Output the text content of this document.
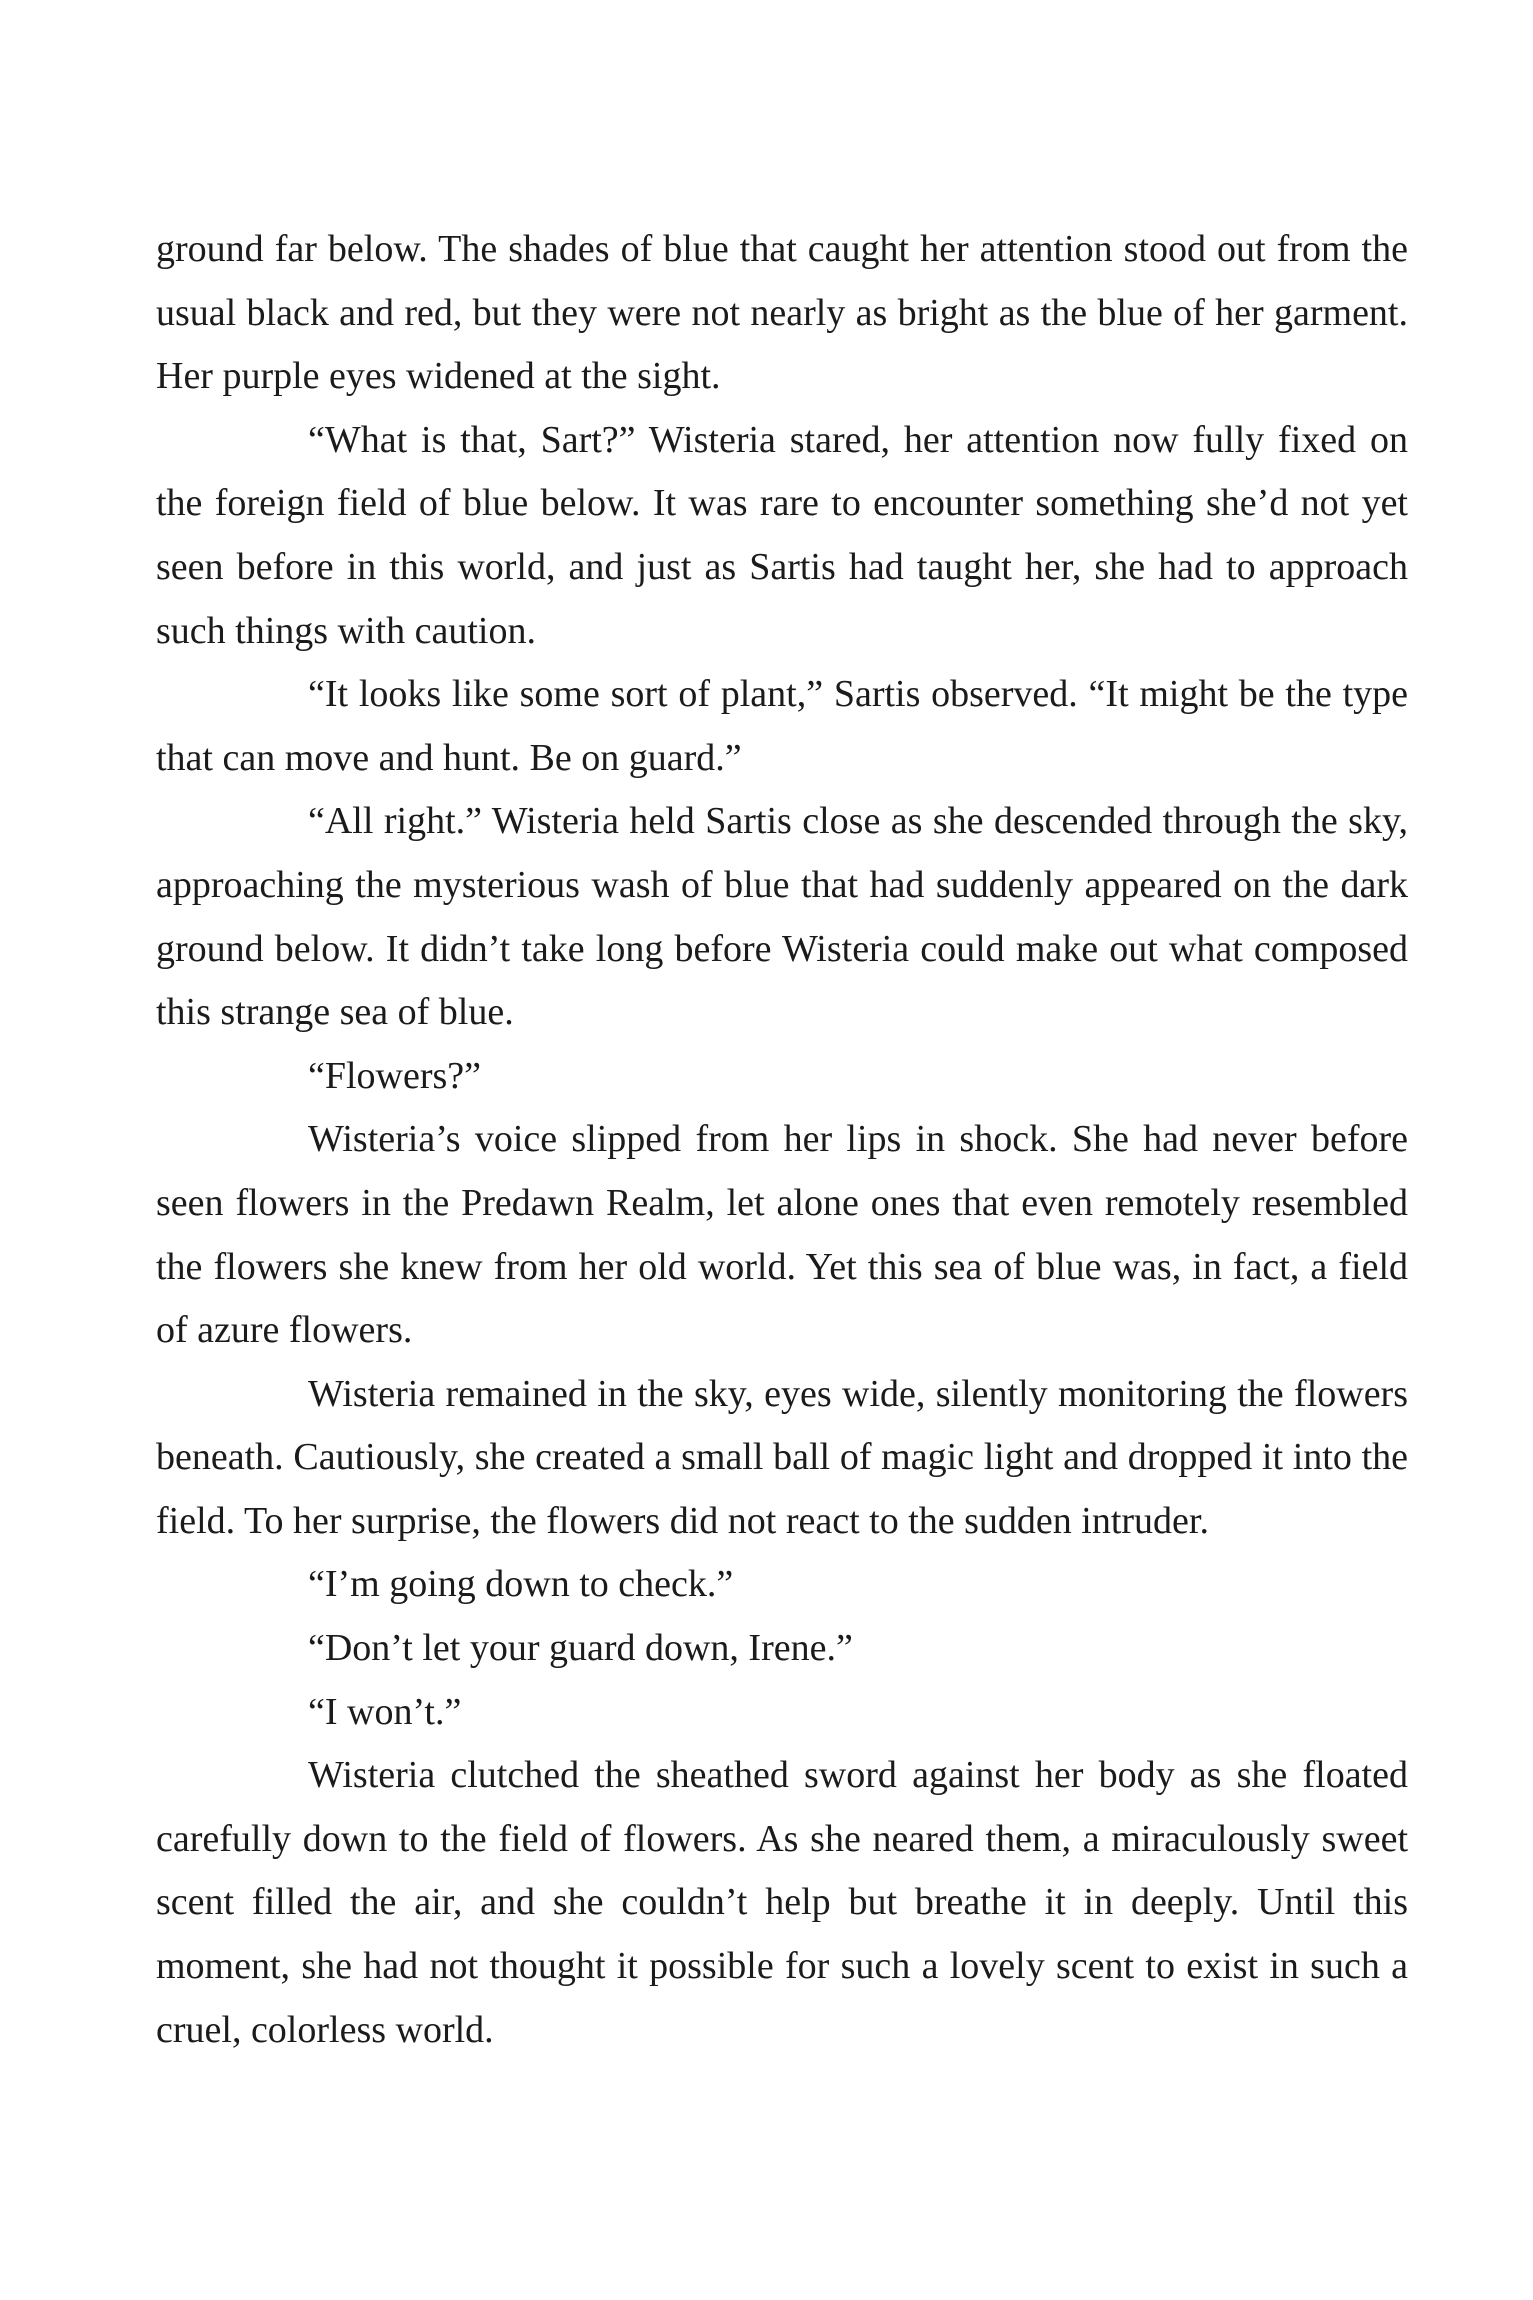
ground far below. The shades of blue that caught her attention stood out from the usual black and red, but they were not nearly as bright as the blue of her garment. Her purple eyes widened at the sight.

“What is that, Sart?” Wisteria stared, her attention now fully fixed on the foreign field of blue below. It was rare to encounter something she’d not yet seen before in this world, and just as Sartis had taught her, she had to approach such things with caution.

“It looks like some sort of plant,” Sartis observed. “It might be the type that can move and hunt. Be on guard.”

“All right.” Wisteria held Sartis close as she descended through the sky, approaching the mysterious wash of blue that had suddenly appeared on the dark ground below. It didn’t take long before Wisteria could make out what composed this strange sea of blue.

“Flowers?”

Wisteria’s voice slipped from her lips in shock. She had never before seen flowers in the Predawn Realm, let alone ones that even remotely resembled the flowers she knew from her old world. Yet this sea of blue was, in fact, a field of azure flowers.

Wisteria remained in the sky, eyes wide, silently monitoring the flowers beneath. Cautiously, she created a small ball of magic light and dropped it into the field. To her surprise, the flowers did not react to the sudden intruder.

“I’m going down to check.”

“Don’t let your guard down, Irene.”

“I won’t.”

Wisteria clutched the sheathed sword against her body as she floated carefully down to the field of flowers. As she neared them, a miraculously sweet scent filled the air, and she couldn’t help but breathe it in deeply. Until this moment, she had not thought it possible for such a lovely scent to exist in such a cruel, colorless world.
